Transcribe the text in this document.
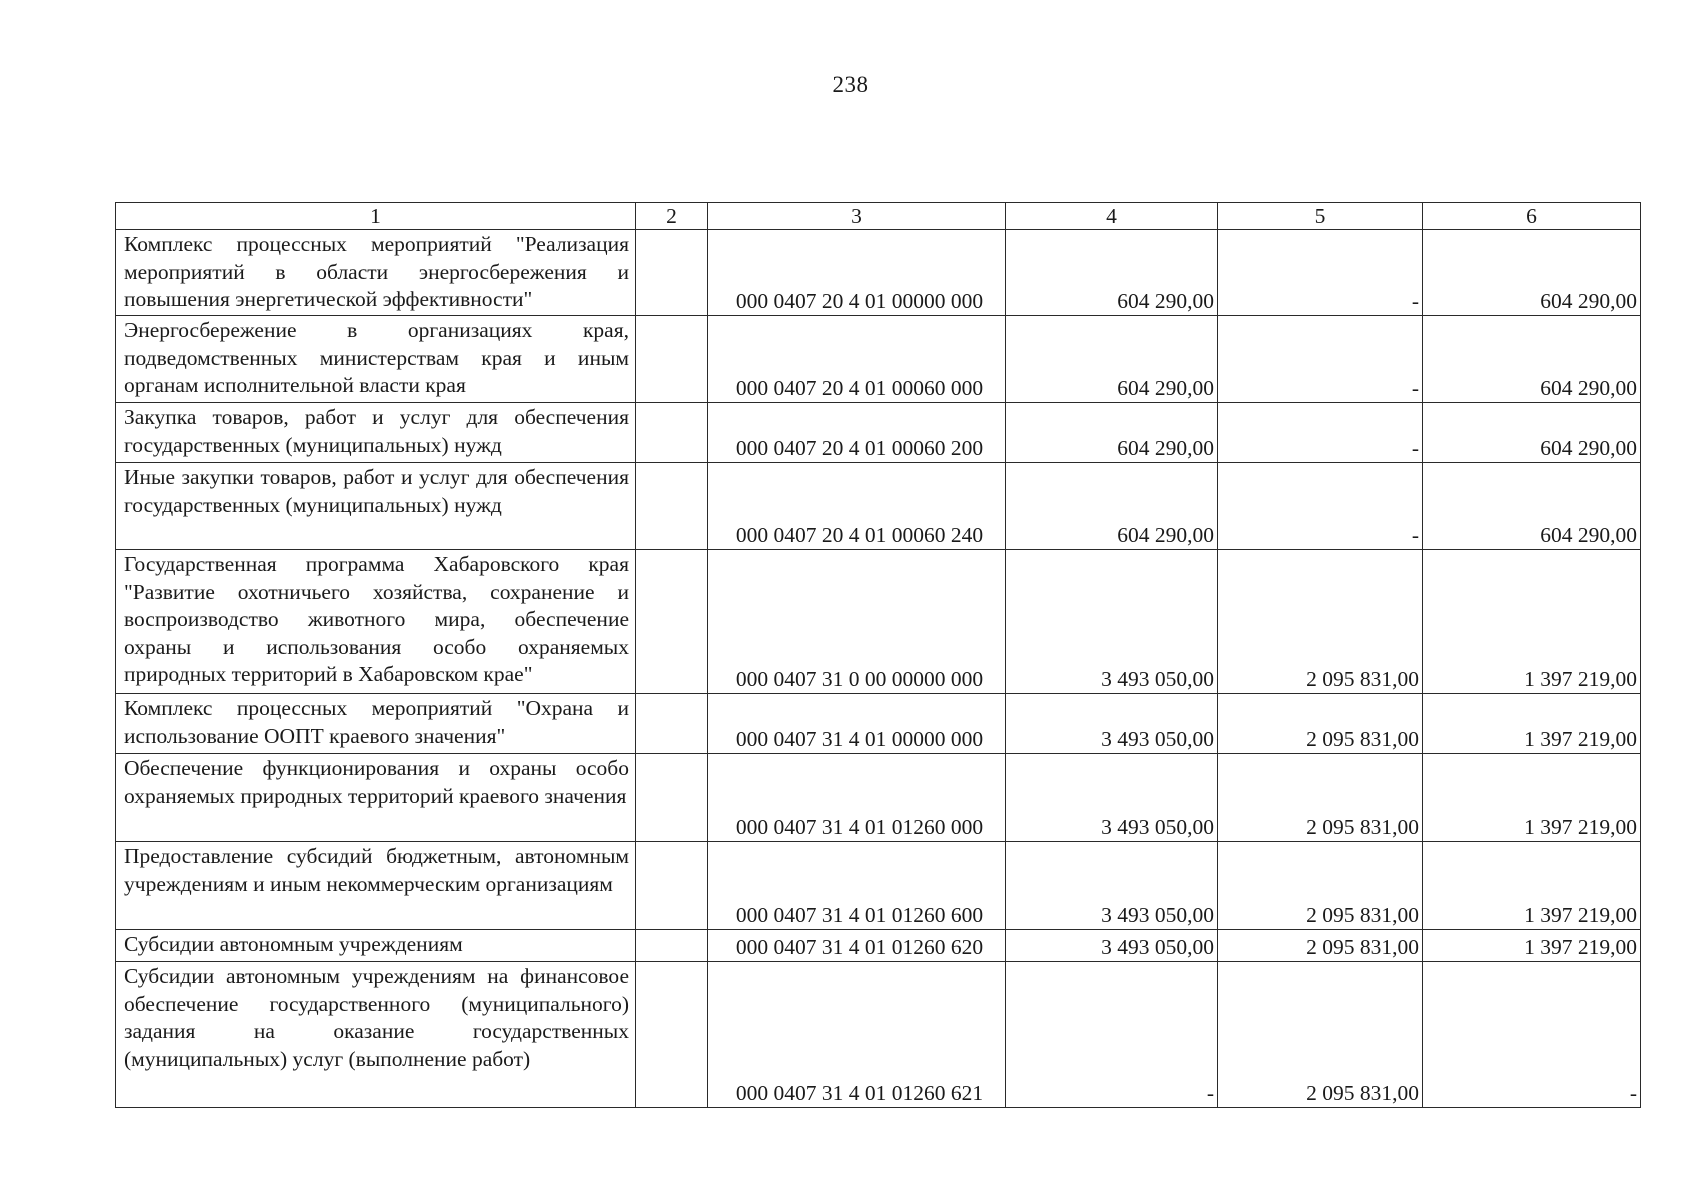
238
1	2	3	4	5	6
Комплекс процессных мероприятий "Реализация мероприятий в области энергосбережения и повышения энергетической эффективности"		000 0407 20 4 01 00000 000	604 290,00	-	604 290,00
Энергосбережение в организациях края, подведомственных министерствам края и иным органам исполнительной власти края		000 0407 20 4 01 00060 000	604 290,00	-	604 290,00
Закупка товаров, работ и услуг для обеспечения государственных (муниципальных) нужд		000 0407 20 4 01 00060 200	604 290,00	-	604 290,00
Иные закупки товаров, работ и услуг для обеспечения государственных (муниципальных) нужд		000 0407 20 4 01 00060 240	604 290,00	-	604 290,00
Государственная программа Хабаровского края "Развитие охотничьего хозяйства, сохранение и воспроизводство животного мира, обеспечение охраны и использования особо охраняемых природных территорий в Хабаровском крае"		000 0407 31 0 00 00000 000	3 493 050,00	2 095 831,00	1 397 219,00
Комплекс процессных мероприятий "Охрана и использование ООПТ краевого значения"		000 0407 31 4 01 00000 000	3 493 050,00	2 095 831,00	1 397 219,00
Обеспечение функционирования и охраны особо охраняемых природных территорий краевого значения		000 0407 31 4 01 01260 000	3 493 050,00	2 095 831,00	1 397 219,00
Предоставление субсидий бюджетным, автономным учреждениям и иным некоммерческим организациям		000 0407 31 4 01 01260 600	3 493 050,00	2 095 831,00	1 397 219,00
Субсидии автономным учреждениям		000 0407 31 4 01 01260 620	3 493 050,00	2 095 831,00	1 397 219,00
Субсидии автономным учреждениям на финансовое обеспечение государственного (муниципального) задания на оказание государственных (муниципальных) услуг (выполнение работ)		000 0407 31 4 01 01260 621	-	2 095 831,00	-
